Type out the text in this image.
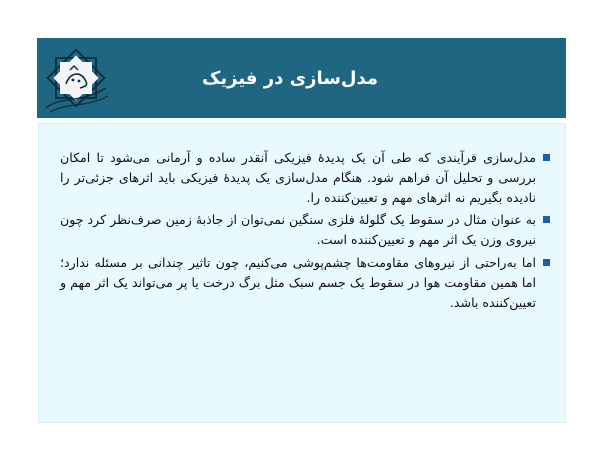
مدل‌سازی در فیزیک
مدل‌سازی فرآیندی که طی آن یک پدیدهٔ فیزیکی آنقدر ساده و آرمانی می‌شود تا امکان بررسی و تحلیل آن فراهم شود. هنگام مدل‌سازی یک پدیدهٔ فیزیکی باید اثرهای جزئی‌تر را نادیده بگیریم نه اثرهای مهم و تعیین‌کننده را.
به عنوان مثال در سقوط یک گلولهٔ فلزی سنگین نمی‌توان از جاذبهٔ زمین صرف‌نظر کرد چون نیروی وزن یک اثر مهم و تعیین‌کننده است.
اما به‌راحتی از نیروهای مقاومت‌ها چشم‌پوشی می‌کنیم، چون تاثیر چندانی بر مسئله ندارد؛ اما همین مقاومت هوا در سقوط یک جسم سبک مثل برگ درخت یا پر می‌تواند یک اثر مهم و تعیین‌کننده باشد.
